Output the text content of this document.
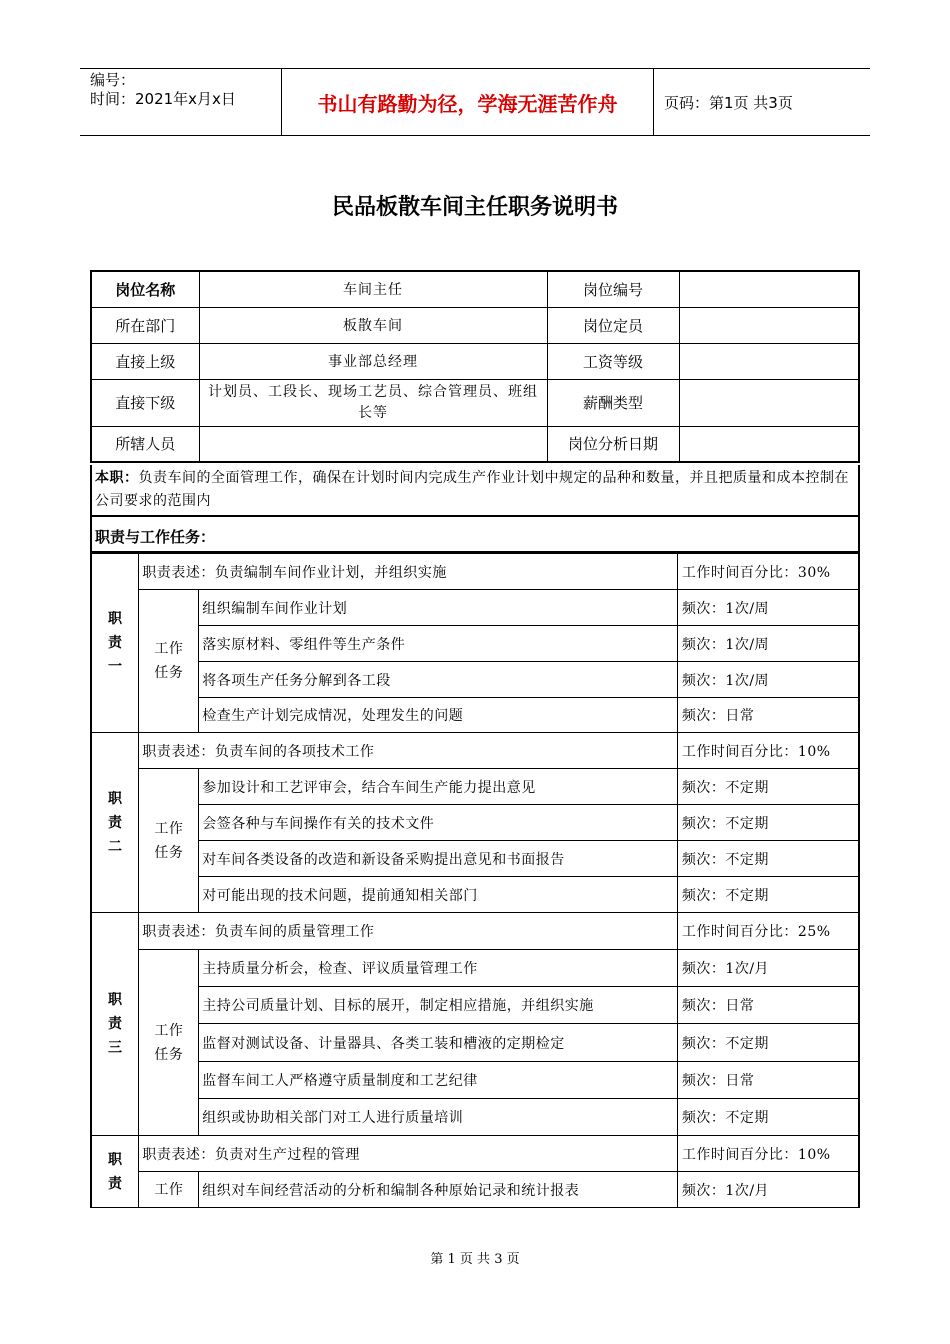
编号：
时间：2021年x月x日	书山有路勤为径，学海无涯苦作舟	页码：第1页 共3页
民品板散车间主任职务说明书
岗位名称	车间主任	岗位编号	
所在部门	板散车间	岗位定员	
直接上级	事业部总经理	工资等级	
直接下级	计划员、工段长、现场工艺员、综合管理员、班组长等	薪酬类型	
所辖人员		岗位分析日期	
本职：负责车间的全面管理工作，确保在计划时间内完成生产作业计划中规定的品种和数量，并且把质量和成本控制在公司要求的范围内
职责与工作任务：
职责一	职责表述：负责编制车间作业计划，并组织实施		工作时间百分比：30%
	工作任务	组织编制车间作业计划	频次：1次/周
		落实原材料、零组件等生产条件	频次：1次/周
		将各项生产任务分解到各工段	频次：1次/周
		检查生产计划完成情况，处理发生的问题	频次：日常
职责二	职责表述：负责车间的各项技术工作		工作时间百分比：10%
	工作任务	参加设计和工艺评审会，结合车间生产能力提出意见	频次：不定期
		会签各种与车间操作有关的技术文件	频次：不定期
		对车间各类设备的改造和新设备采购提出意见和书面报告	频次：不定期
		对可能出现的技术问题，提前通知相关部门	频次：不定期
职责三	职责表述：负责车间的质量管理工作		工作时间百分比：25%
	工作任务	主持质量分析会，检查、评议质量管理工作	频次：1次/月
		主持公司质量计划、目标的展开，制定相应措施，并组织实施	频次：日常
		监督对测试设备、计量器具、各类工装和槽液的定期检定	频次：不定期
		监督车间工人严格遵守质量制度和工艺纪律	频次：日常
		组织或协助相关部门对工人进行质量培训	频次：不定期
职责	职责表述：负责对生产过程的管理		工作时间百分比：10%
	工作	组织对车间经营活动的分析和编制各种原始记录和统计报表	频次：1次/月
第 1 页 共 3 页
